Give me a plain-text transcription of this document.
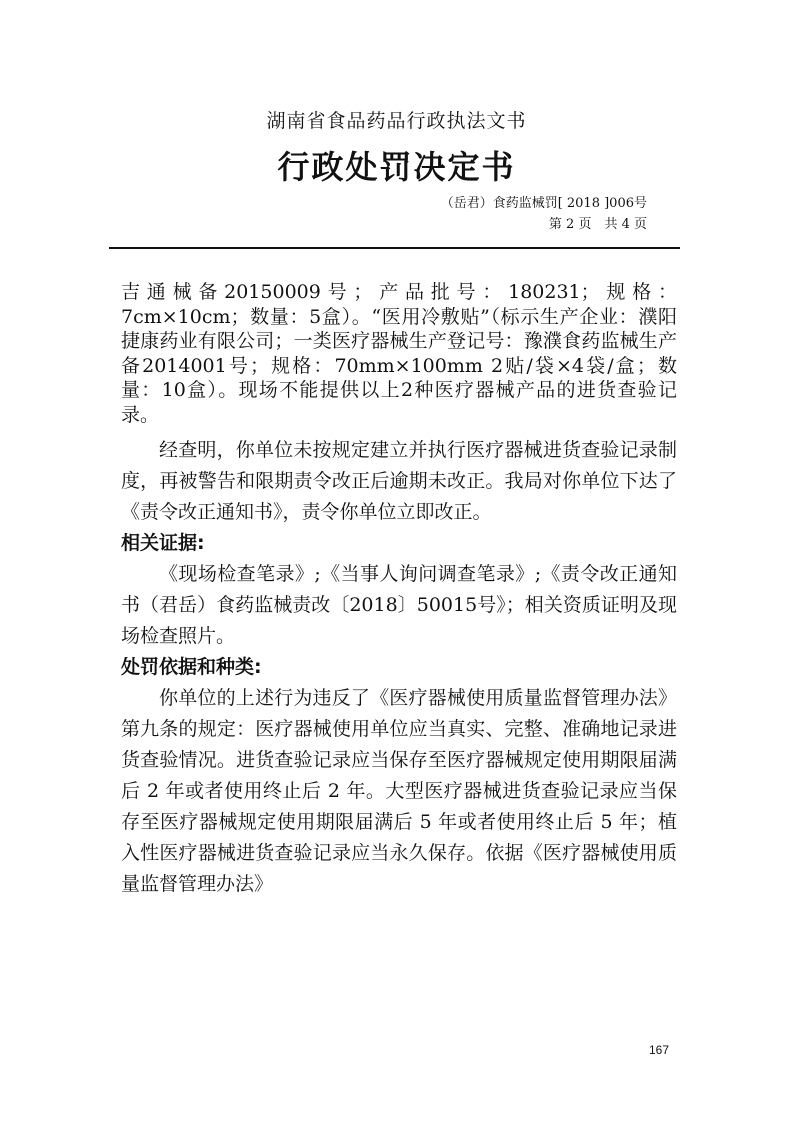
湖南省食品药品行政执法文书
行政处罚决定书
（岳君）食药监械罚[ 2018 ]006号
第 2 页　共 4 页

吉通械备20150009号；产品批号：180231；规格：7cm×10cm；数量：5盒）。“医用冷敷贴”（标示生产企业：濮阳捷康药业有限公司；一类医疗器械生产登记号：豫濮食药监械生产备2014001号；规格：70mm×100mm 2贴/袋×4袋/盒；数量：10盒）。现场不能提供以上2种医疗器械产品的进货查验记录。

经查明，你单位未按规定建立并执行医疗器械进货查验记录制度，再被警告和限期责令改正后逾期未改正。我局对你单位下达了《责令改正通知书》，责令你单位立即改正。

相关证据:

《现场检查笔录》;《当事人询问调查笔录》;《责令改正通知书（君岳）食药监械责改〔2018〕50015号》；相关资质证明及现场检查照片。

处罚依据和种类:

你单位的上述行为违反了《医疗器械使用质量监督管理办法》第九条的规定：医疗器械使用单位应当真实、完整、准确地记录进货查验情况。进货查验记录应当保存至医疗器械规定使用期限届满后 2 年或者使用终止后 2 年。大型医疗器械进货查验记录应当保存至医疗器械规定使用期限届满后 5 年或者使用终止后 5 年；植入性医疗器械进货查验记录应当永久保存。依据《医疗器械使用质量监督管理办法》

167
